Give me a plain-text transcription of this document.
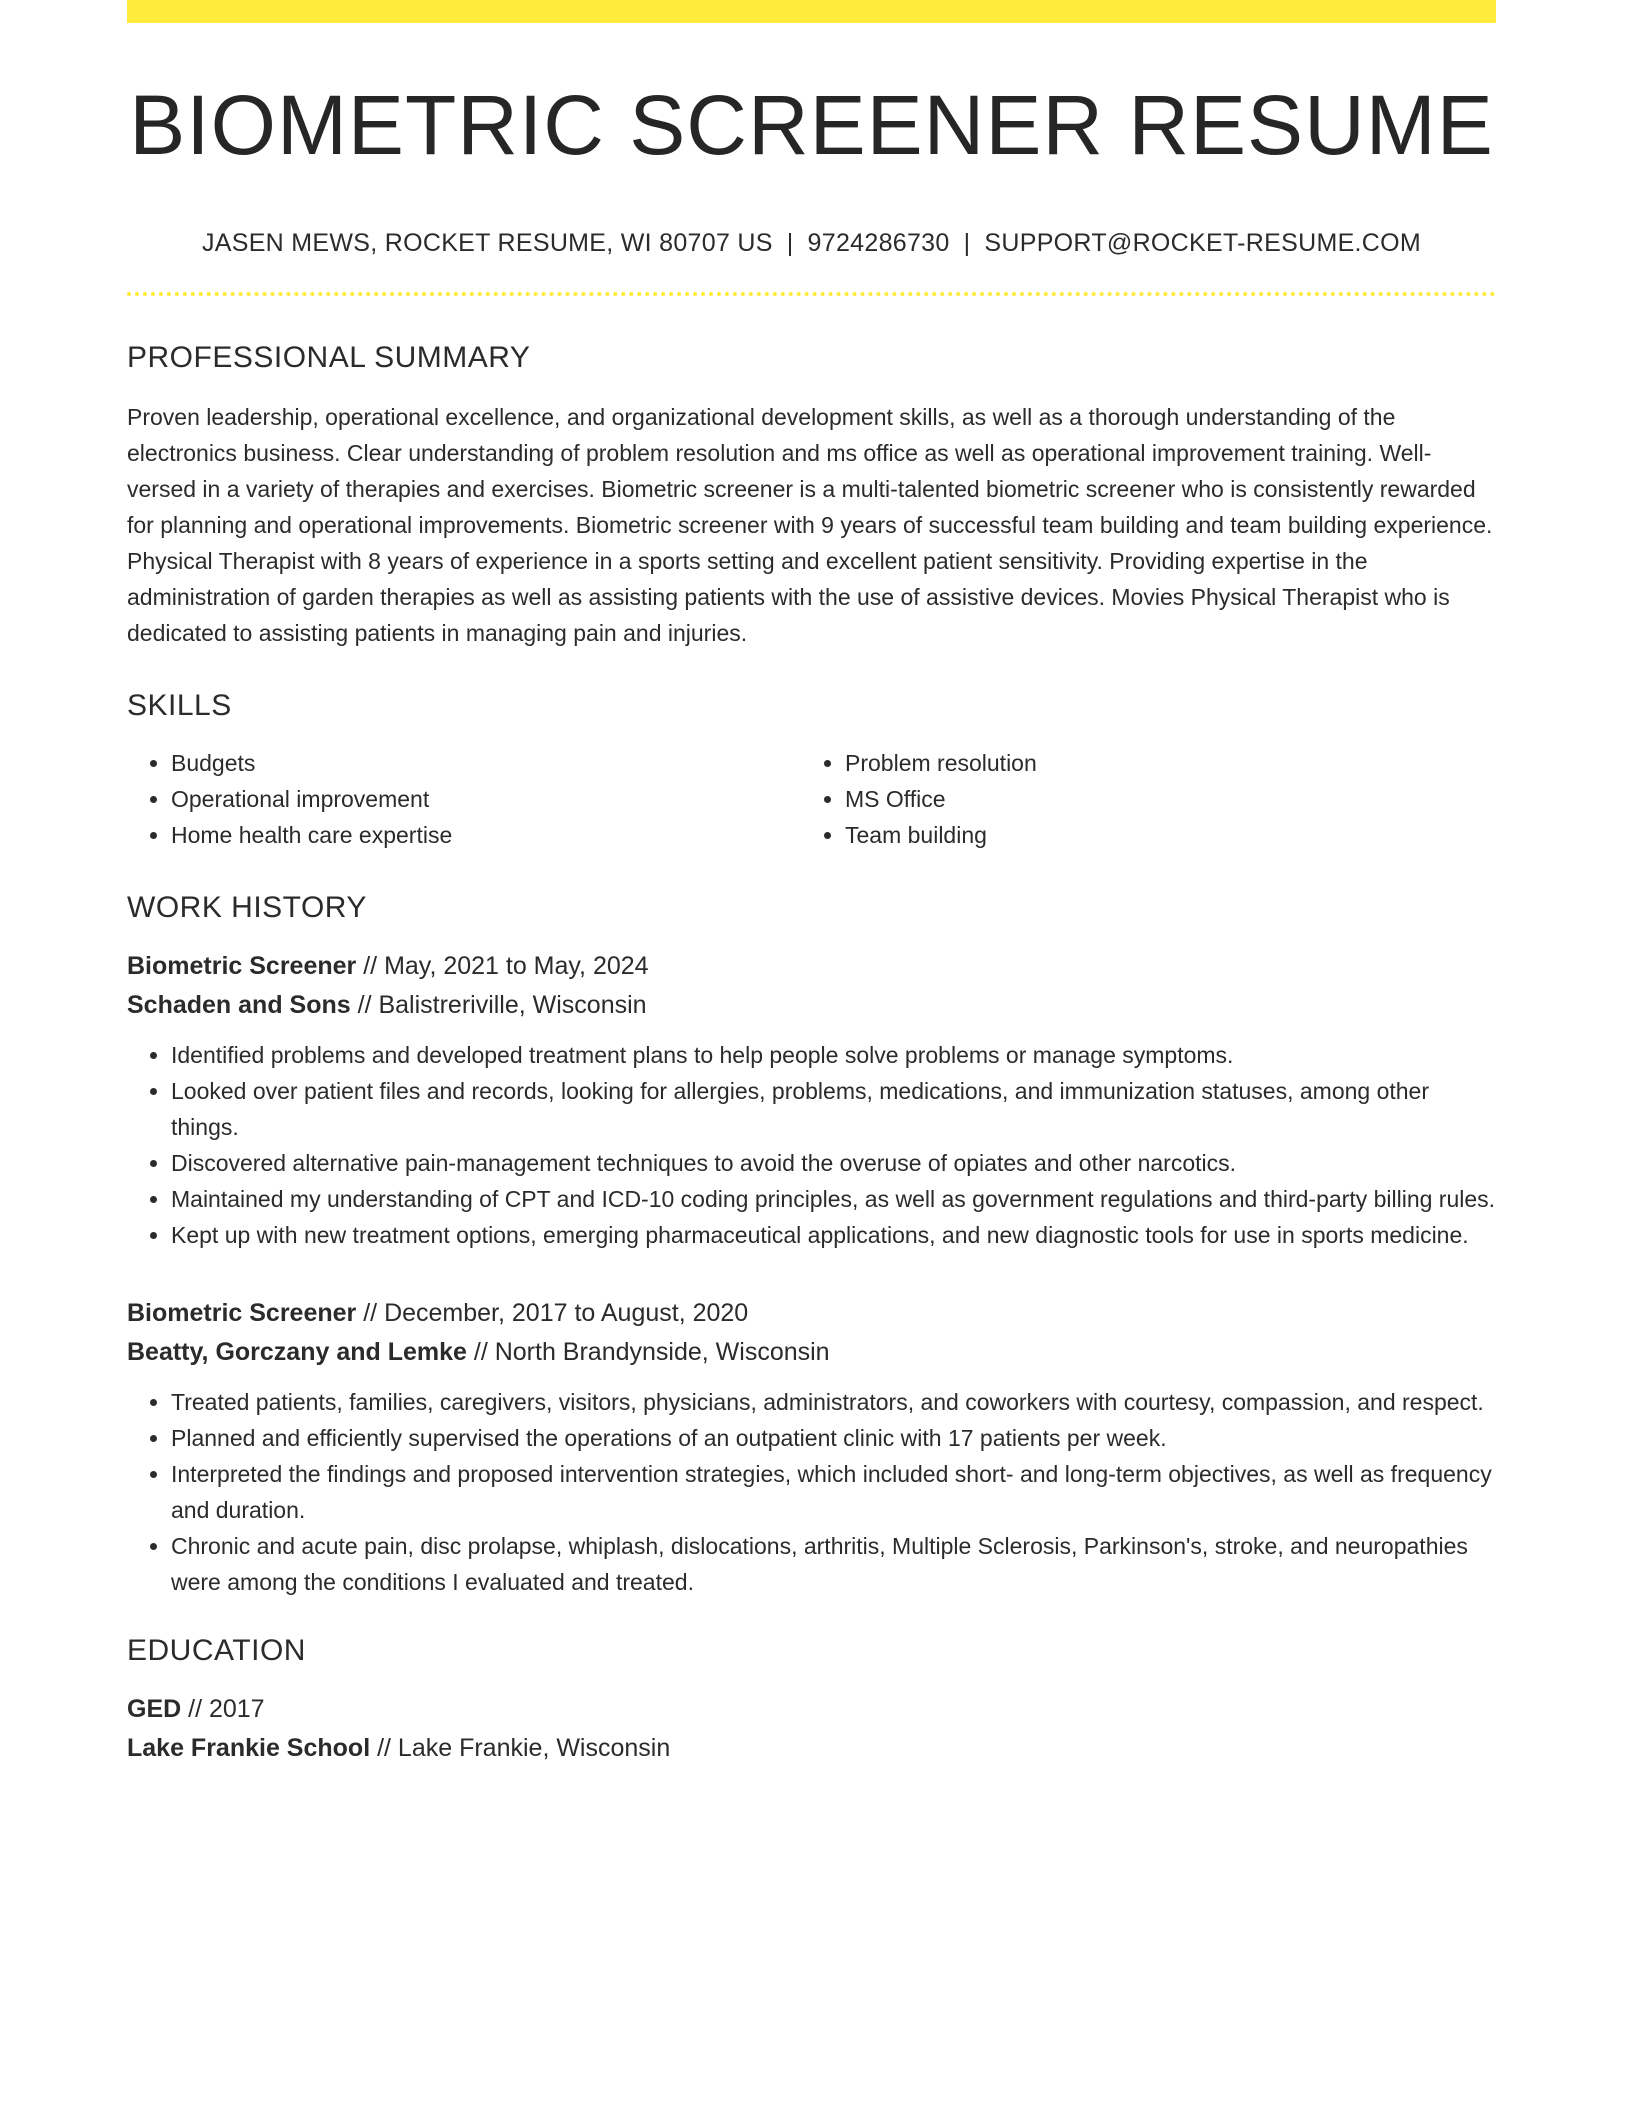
BIOMETRIC SCREENER RESUME
JASEN MEWS, ROCKET RESUME, WI 80707 US | 9724286730 | SUPPORT@ROCKET-RESUME.COM
PROFESSIONAL SUMMARY

Proven leadership, operational excellence, and organizational development skills, as well as a thorough understanding of the electronics business. Clear understanding of problem resolution and ms office as well as operational improvement training. Well-versed in a variety of therapies and exercises. Biometric screener is a multi-talented biometric screener who is consistently rewarded for planning and operational improvements. Biometric screener with 9 years of successful team building and team building experience. Physical Therapist with 8 years of experience in a sports setting and excellent patient sensitivity. Providing expertise in the administration of garden therapies as well as assisting patients with the use of assistive devices. Movies Physical Therapist who is dedicated to assisting patients in managing pain and injuries.

SKILLS
• Budgets
• Operational improvement
• Home health care expertise
• Problem resolution
• MS Office
• Team building
WORK HISTORY
Biometric Screener // May, 2021 to May, 2024
Schaden and Sons // Balistreriville, Wisconsin
• Identified problems and developed treatment plans to help people solve problems or manage symptoms.
• Looked over patient files and records, looking for allergies, problems, medications, and immunization statuses, among other things.
• Discovered alternative pain-management techniques to avoid the overuse of opiates and other narcotics.
• Maintained my understanding of CPT and ICD-10 coding principles, as well as government regulations and third-party billing rules.
• Kept up with new treatment options, emerging pharmaceutical applications, and new diagnostic tools for use in sports medicine.
Biometric Screener // December, 2017 to August, 2020
Beatty, Gorczany and Lemke // North Brandynside, Wisconsin
• Treated patients, families, caregivers, visitors, physicians, administrators, and coworkers with courtesy, compassion, and respect.
• Planned and efficiently supervised the operations of an outpatient clinic with 17 patients per week.
• Interpreted the findings and proposed intervention strategies, which included short- and long-term objectives, as well as frequency and duration.
• Chronic and acute pain, disc prolapse, whiplash, dislocations, arthritis, Multiple Sclerosis, Parkinson's, stroke, and neuropathies were among the conditions I evaluated and treated.
EDUCATION
GED // 2017
Lake Frankie School // Lake Frankie, Wisconsin
